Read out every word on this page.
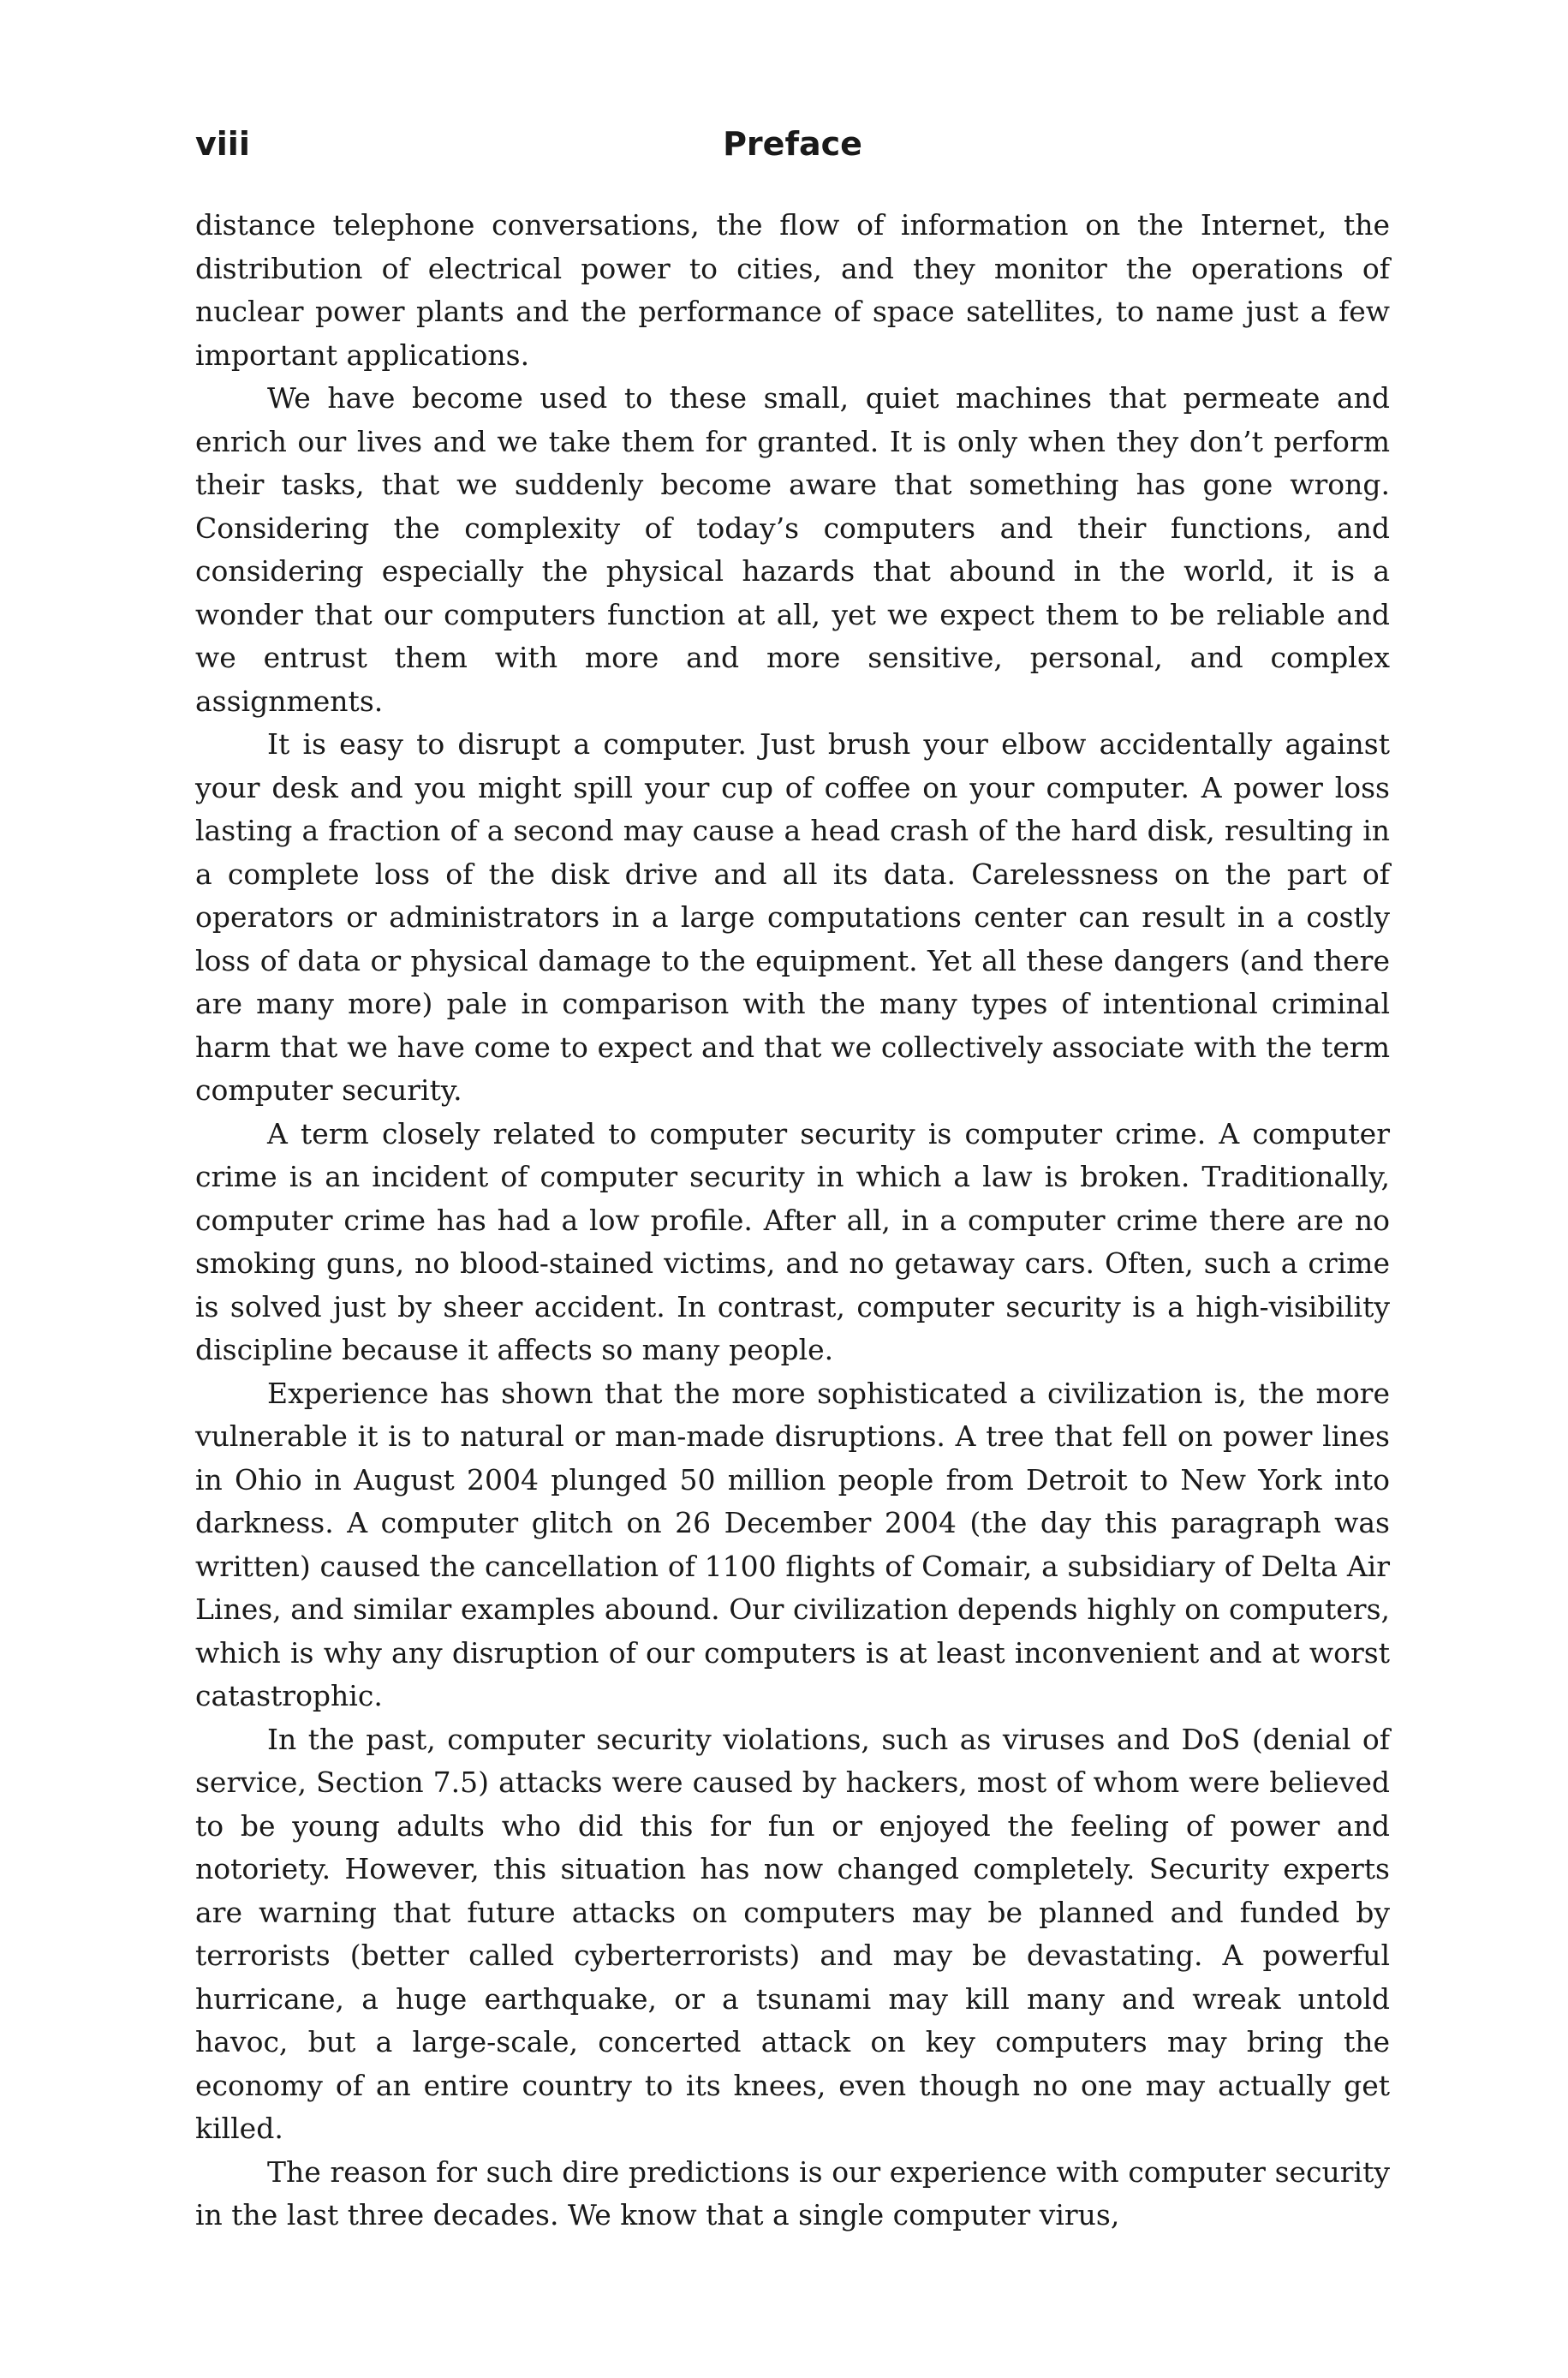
viii	Preface

distance telephone conversations, the flow of information on the Internet, the distribution of electrical power to cities, and they monitor the operations of nuclear power plants and the performance of space satellites, to name just a few important applications.

We have become used to these small, quiet machines that permeate and enrich our lives and we take them for granted. It is only when they don’t perform their tasks, that we suddenly become aware that something has gone wrong. Considering the complexity of today’s computers and their functions, and considering especially the physical hazards that abound in the world, it is a wonder that our computers function at all, yet we expect them to be reliable and we entrust them with more and more sensitive, personal, and complex assignments.

It is easy to disrupt a computer. Just brush your elbow accidentally against your desk and you might spill your cup of coffee on your computer. A power loss lasting a fraction of a second may cause a head crash of the hard disk, resulting in a complete loss of the disk drive and all its data. Carelessness on the part of operators or administrators in a large computations center can result in a costly loss of data or physical damage to the equipment. Yet all these dangers (and there are many more) pale in comparison with the many types of intentional criminal harm that we have come to expect and that we collectively associate with the term computer security.

A term closely related to computer security is computer crime. A computer crime is an incident of computer security in which a law is broken. Traditionally, computer crime has had a low profile. After all, in a computer crime there are no smoking guns, no blood-stained victims, and no getaway cars. Often, such a crime is solved just by sheer accident. In contrast, computer security is a high-visibility discipline because it affects so many people.

Experience has shown that the more sophisticated a civilization is, the more vulnerable it is to natural or man-made disruptions. A tree that fell on power lines in Ohio in August 2004 plunged 50 million people from Detroit to New York into darkness. A computer glitch on 26 December 2004 (the day this paragraph was written) caused the cancellation of 1100 flights of Comair, a subsidiary of Delta Air Lines, and similar examples abound. Our civilization depends highly on computers, which is why any disruption of our computers is at least inconvenient and at worst catastrophic.

In the past, computer security violations, such as viruses and DoS (denial of service, Section 7.5) attacks were caused by hackers, most of whom were believed to be young adults who did this for fun or enjoyed the feeling of power and notoriety. However, this situation has now changed completely. Security experts are warning that future attacks on computers may be planned and funded by terrorists (better called cyberterrorists) and may be devastating. A powerful hurricane, a huge earthquake, or a tsunami may kill many and wreak untold havoc, but a large-scale, concerted attack on key computers may bring the economy of an entire country to its knees, even though no one may actually get killed.

The reason for such dire predictions is our experience with computer security in the last three decades. We know that a single computer virus,
